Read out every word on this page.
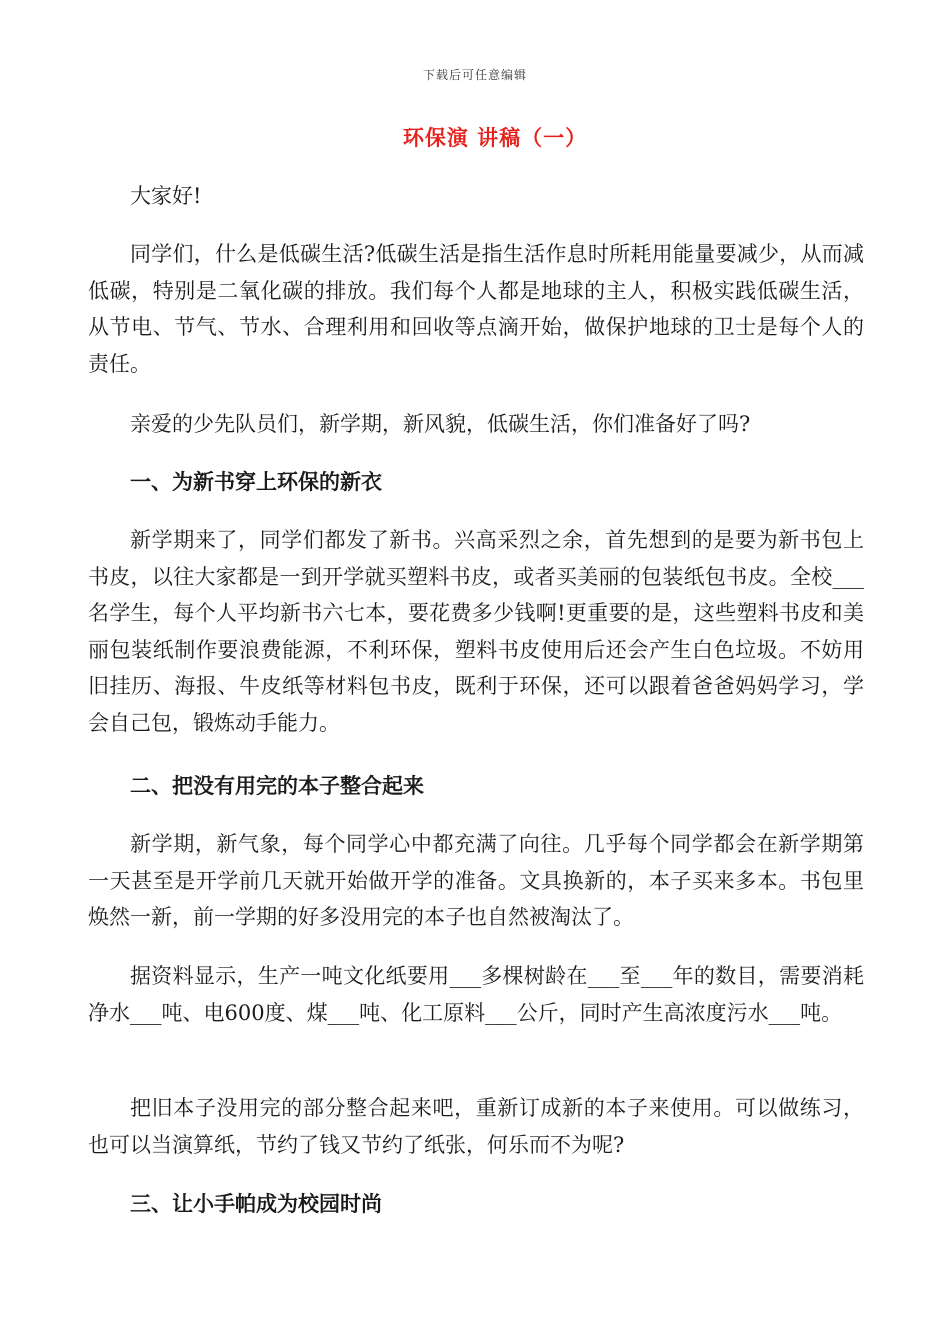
下载后可任意编辑
环保演 讲稿（一）

大家好!

同学们，什么是低碳生活?低碳生活是指生活作息时所耗用能量要减少，从而减低碳，特别是二氧化碳的排放。我们每个人都是地球的主人，积极实践低碳生活，从节电、节气、节水、合理利用和回收等点滴开始，做保护地球的卫士是每个人的责任。

亲爱的少先队员们，新学期，新风貌，低碳生活，你们准备好了吗?

一、为新书穿上环保的新衣

新学期来了，同学们都发了新书。兴高采烈之余，首先想到的是要为新书包上书皮，以往大家都是一到开学就买塑料书皮，或者买美丽的包装纸包书皮。全校___名学生，每个人平均新书六七本，要花费多少钱啊!更重要的是，这些塑料书皮和美丽包装纸制作要浪费能源，不利环保，塑料书皮使用后还会产生白色垃圾。不妨用旧挂历、海报、牛皮纸等材料包书皮，既利于环保，还可以跟着爸爸妈妈学习，学会自己包，锻炼动手能力。

二、把没有用完的本子整合起来

新学期，新气象，每个同学心中都充满了向往。几乎每个同学都会在新学期第一天甚至是开学前几天就开始做开学的准备。文具换新的，本子买来多本。书包里焕然一新，前一学期的好多没用完的本子也自然被淘汰了。

据资料显示，生产一吨文化纸要用___多棵树龄在___至___年的数目，需要消耗净水___吨、电600度、煤___吨、化工原料___公斤，同时产生高浓度污水___吨。

把旧本子没用完的部分整合起来吧，重新订成新的本子来使用。可以做练习，也可以当演算纸，节约了钱又节约了纸张，何乐而不为呢?

三、让小手帕成为校园时尚
